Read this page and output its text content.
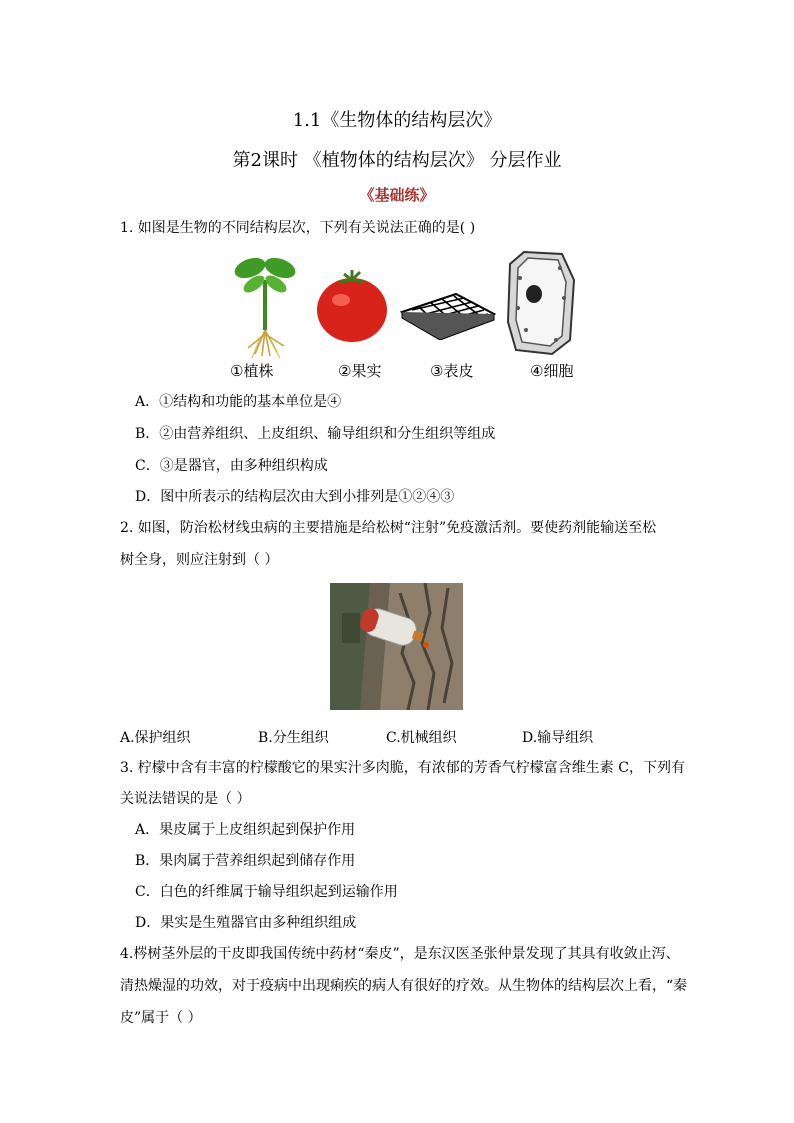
1.1《生物体的结构层次》
第2课时 《植物体的结构层次》 分层作业
《基础练》
1. 如图是生物的不同结构层次，下列有关说法正确的是( )
①植株	②果实	③表皮	④细胞
A．①结构和功能的基本单位是④
B．②由营养组织、上皮组织、输导组织和分生组织等组成
C．③是器官，由多种组织构成
D．图中所表示的结构层次由大到小排列是①②④③
2. 如图，防治松材线虫病的主要措施是给松树“注射”免疫激活剂。要使药剂能输送至松
树全身，则应注射到（ ）
A.保护组织	B.分生组织	C.机械组织	D.输导组织
3. 柠檬中含有丰富的柠檬酸它的果实汁多肉脆，有浓郁的芳香气柠檬富含维生素 C，下列有
关说法错误的是（ ）
A．果皮属于上皮组织起到保护作用
B．果肉属于营养组织起到储存作用
C．白色的纤维属于输导组织起到运输作用
D．果实是生殖器官由多种组织组成
4.梣树茎外层的干皮即我国传统中药材“秦皮”，是东汉医圣张仲景发现了其具有收敛止泻、
清热燥湿的功效，对于疫病中出现痢疾的病人有很好的疗效。从生物体的结构层次上看，“秦
皮”属于（ ）
